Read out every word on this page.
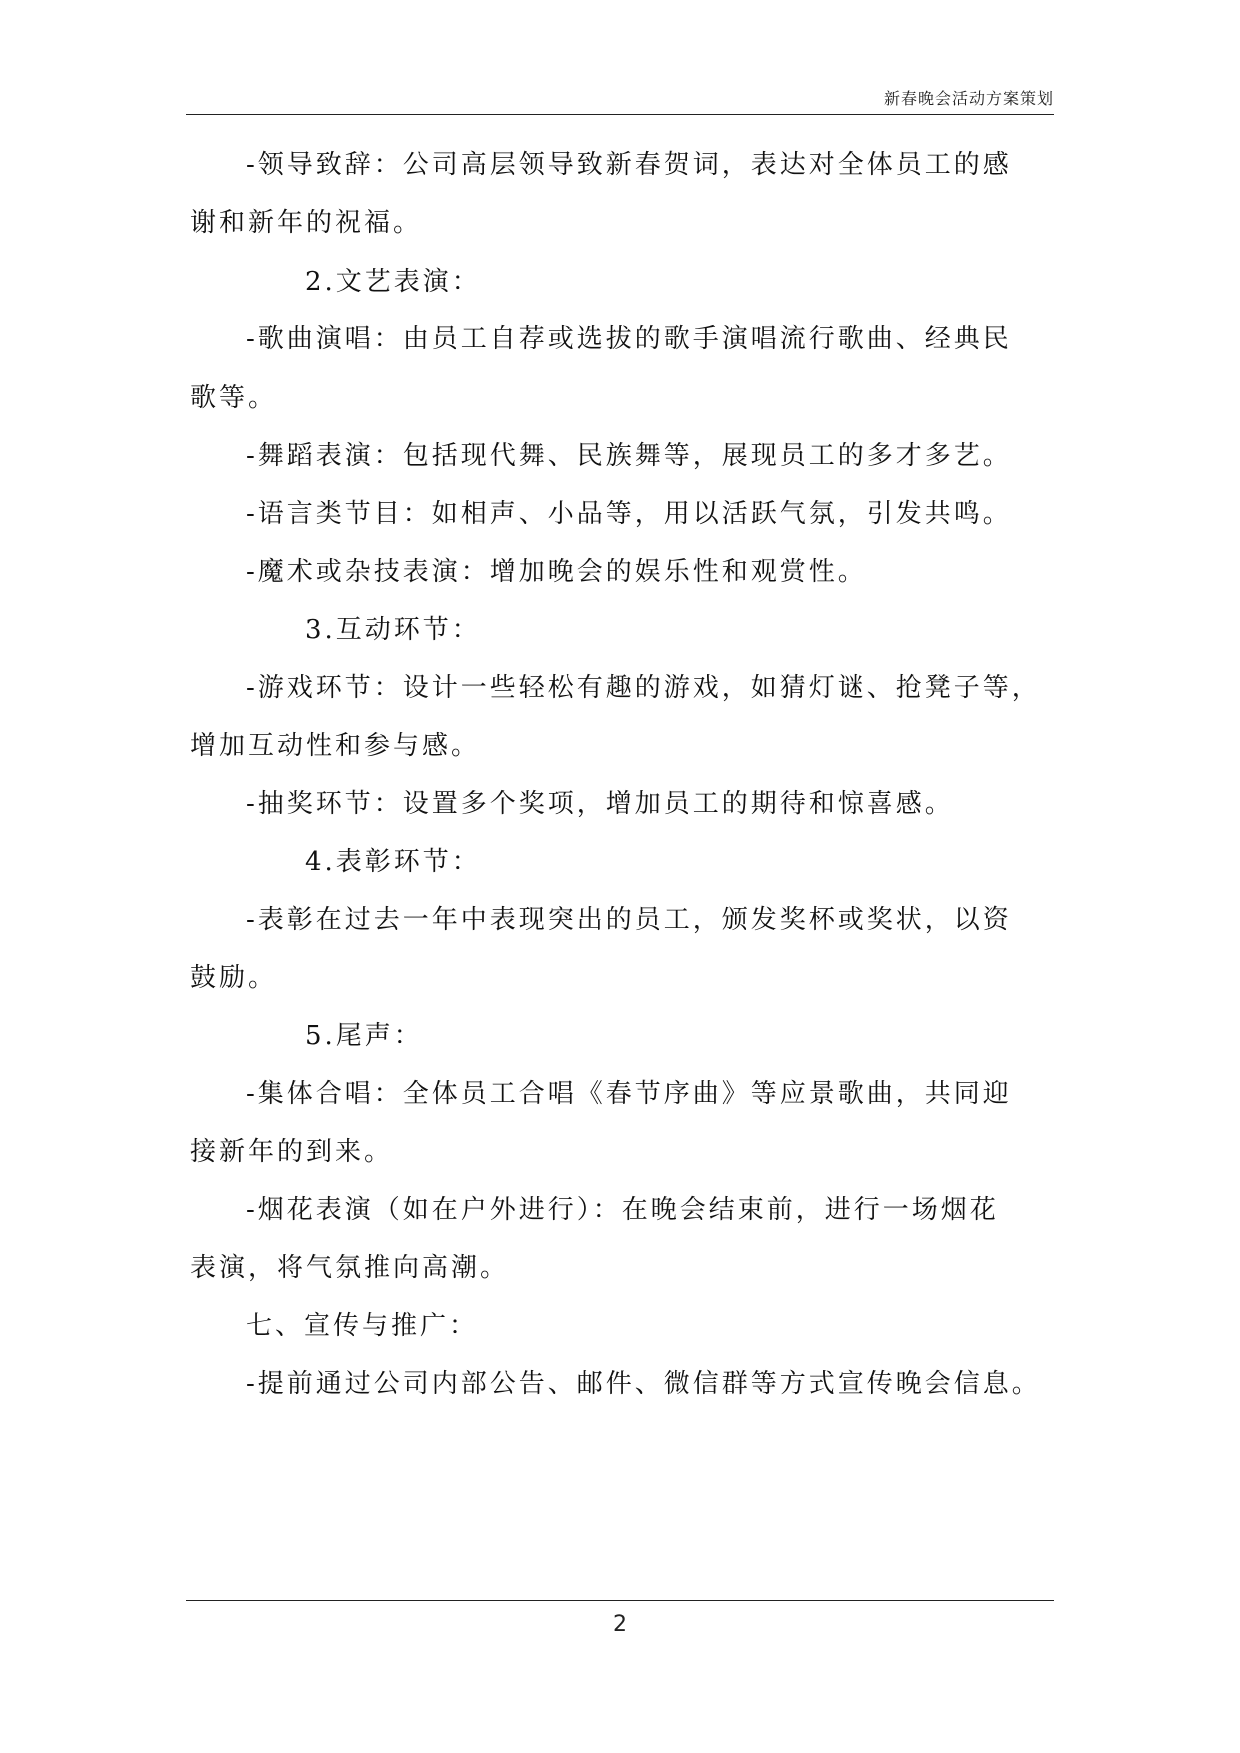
新春晚会活动方案策划
-领导致辞：公司高层领导致新春贺词，表达对全体员工的感
谢和新年的祝福。
2.文艺表演：
-歌曲演唱：由员工自荐或选拔的歌手演唱流行歌曲、经典民
歌等。
-舞蹈表演：包括现代舞、民族舞等，展现员工的多才多艺。
-语言类节目：如相声、小品等，用以活跃气氛，引发共鸣。
-魔术或杂技表演：增加晚会的娱乐性和观赏性。
3.互动环节：
-游戏环节：设计一些轻松有趣的游戏，如猜灯谜、抢凳子等，
增加互动性和参与感。
-抽奖环节：设置多个奖项，增加员工的期待和惊喜感。
4.表彰环节：
-表彰在过去一年中表现突出的员工，颁发奖杯或奖状，以资
鼓励。
5.尾声：
-集体合唱：全体员工合唱《春节序曲》等应景歌曲，共同迎
接新年的到来。
-烟花表演（如在户外进行）：在晚会结束前，进行一场烟花
表演，将气氛推向高潮。
七、宣传与推广：
-提前通过公司内部公告、邮件、微信群等方式宣传晚会信息。
2
